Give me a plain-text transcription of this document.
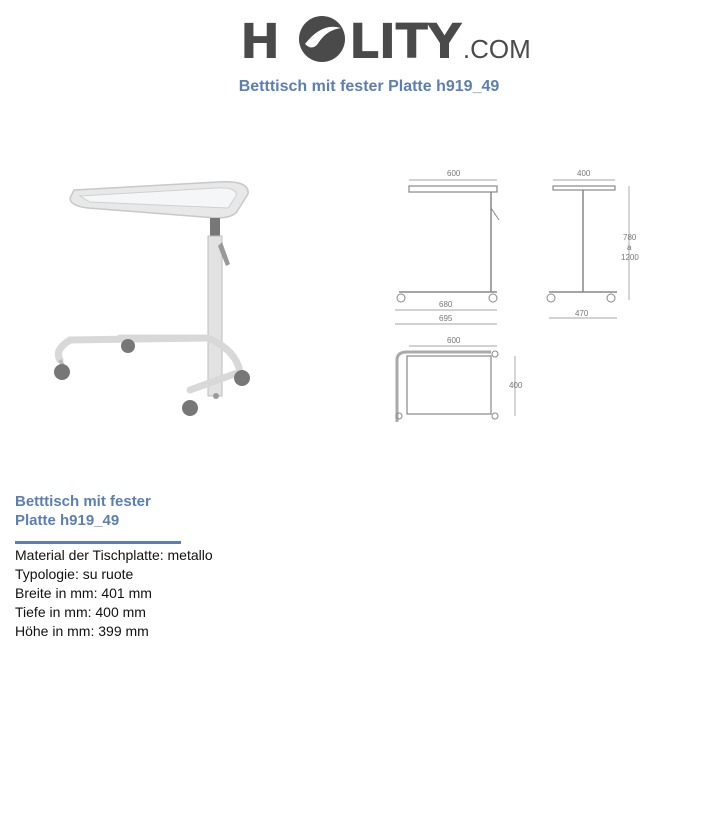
H LITY .COM
Betttisch mit fester Platte h919_49
600
680
695
400
780
a
1200
470
600
400
Betttisch mit fester
Platte h919_49
Material der Tischplatte: metallo
Typologie: su ruote
Breite in mm: 401 mm
Tiefe in mm: 400 mm
Höhe in mm: 399 mm
